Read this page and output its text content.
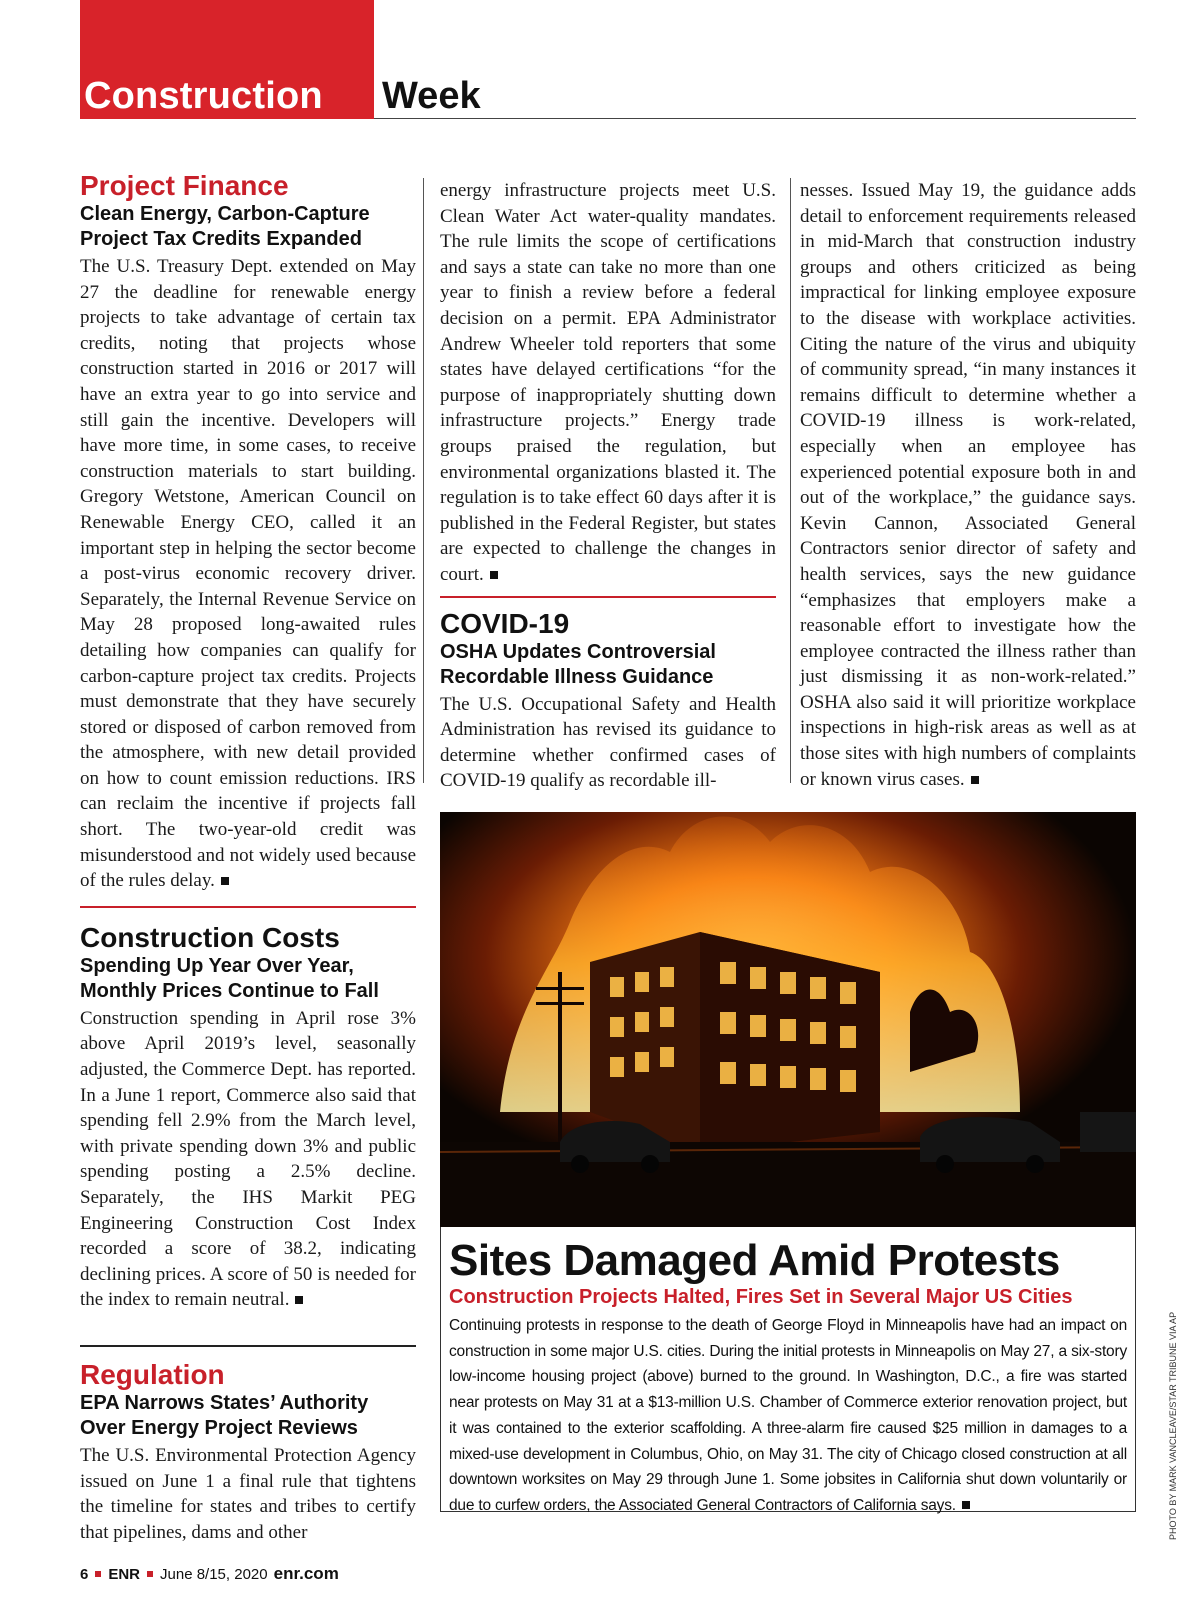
Construction Week
Project Finance
Clean Energy, Carbon-Capture Project Tax Credits Expanded

The U.S. Treasury Dept. extended on May 27 the deadline for renewable energy projects to take advantage of certain tax credits, noting that projects whose construction started in 2016 or 2017 will have an extra year to go into service and still gain the incentive. Developers will have more time, in some cases, to receive construction materials to start building. Gregory Wetstone, American Council on Renewable Energy CEO, called it an important step in helping the sector become a post-virus economic recovery driver. Separately, the Internal Revenue Service on May 28 proposed long-awaited rules detailing how companies can qualify for carbon-capture project tax credits. Projects must demonstrate that they have securely stored or disposed of carbon removed from the atmosphere, with new detail provided on how to count emission reductions. IRS can reclaim the incentive if projects fall short. The two-year-old credit was misunderstood and not widely used because of the rules delay.

Construction Costs
Spending Up Year Over Year, Monthly Prices Continue to Fall

Construction spending in April rose 3% above April 2019’s level, seasonally adjusted, the Commerce Dept. has reported. In a June 1 report, Commerce also said that spending fell 2.9% from the March level, with private spending down 3% and public spending posting a 2.5% decline. Separately, the IHS Markit PEG Engineering Construction Cost Index recorded a score of 38.2, indicating declining prices. A score of 50 is needed for the index to remain neutral.

Regulation
EPA Narrows States’ Authority Over Energy Project Reviews

The U.S. Environmental Protection Agency issued on June 1 a final rule that tightens the timeline for states and tribes to certify that pipelines, dams and other

energy infrastructure projects meet U.S. Clean Water Act water-quality mandates. The rule limits the scope of certifications and says a state can take no more than one year to finish a review before a federal decision on a permit. EPA Administrator Andrew Wheeler told reporters that some states have delayed certifications “for the purpose of inappropriately shutting down infrastructure projects.” Energy trade groups praised the regulation, but environmental organizations blasted it. The regulation is to take effect 60 days after it is published in the Federal Register, but states are expected to challenge the changes in court.

COVID-19
OSHA Updates Controversial Recordable Illness Guidance

The U.S. Occupational Safety and Health Administration has revised its guidance to determine whether confirmed cases of COVID-19 qualify as recordable ill-

nesses. Issued May 19, the guidance adds detail to enforcement requirements released in mid-March that construction industry groups and others criticized as being impractical for linking employee exposure to the disease with workplace activities. Citing the nature of the virus and ubiquity of community spread, “in many instances it remains difficult to determine whether a COVID-19 illness is work-related, especially when an employee has experienced potential exposure both in and out of the workplace,” the guidance says. Kevin Cannon, Associated General Contractors senior director of safety and health services, says the new guidance “emphasizes that employers make a reasonable effort to investigate how the employee contracted the illness rather than just dismissing it as non-work-related.” OSHA also said it will prioritize workplace inspections in high-risk areas as well as at those sites with high numbers of complaints or known virus cases.

Sites Damaged Amid Protests
Construction Projects Halted, Fires Set in Several Major US Cities

Continuing protests in response to the death of George Floyd in Minneapolis have had an impact on construction in some major U.S. cities. During the initial protests in Minneapolis on May 27, a six-story low-income housing project (above) burned to the ground. In Washington, D.C., a fire was started near protests on May 31 at a $13-million U.S. Chamber of Commerce exterior renovation project, but it was contained to the exterior scaffolding. A three-alarm fire caused $25 million in damages to a mixed-use development in Columbus, Ohio, on May 31. The city of Chicago closed construction at all downtown worksites on May 29 through June 1. Some jobsites in California shut down voluntarily or due to curfew orders, the Associated General Contractors of California says.	PHOTO BY MARK VANCLEAVE/STAR TRIBUNE VIA AP
6 ENR June 8/15, 2020 enr.com
